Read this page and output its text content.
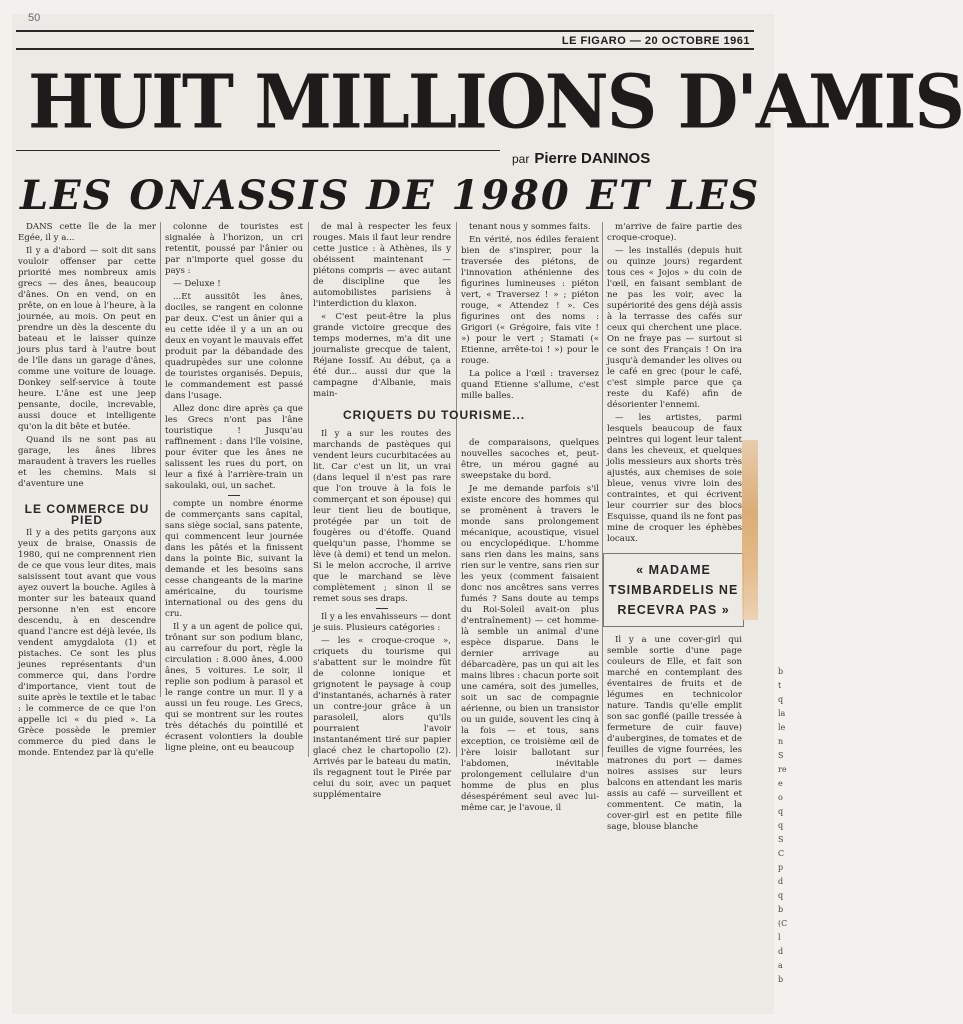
50
LE FIGARO — 20 OCTOBRE 1961
HUIT MILLIONS D'AMIS
par Pierre DANINOS
LES ONASSIS DE 1980 ET LES

DANS cette île de la mer Egée, il y a...

Il y a d'abord — soit dit sans vouloir offenser par cette priorité mes nombreux amis grecs — des ânes, beaucoup d'ânes. On en vend, on en prête, on en loue à l'heure, à la journée, au mois. On peut en prendre un dès la descente du bateau et le laisser quinze jours plus tard à l'autre bout de l'île dans un garage d'ânes, comme une voiture de louage. Donkey self-service à toute heure. L'âne est une jeep pensante, docile, increvable, aussi douce et intelligente qu'on la dit bête et butée.

Quand ils ne sont pas au garage, les ânes libres maraudent à travers les ruelles et les chemins. Mais si d'aventure une

LE COMMERCE DU PIED

Il y a des petits garçons aux yeux de braise, Onassis de 1980, qui ne comprennent rien de ce que vous leur dites, mais saisissent tout avant que vous ayez ouvert la bouche. Agiles à monter sur les bateaux quand personne n'en est encore descendu, à en descendre quand l'ancre est déjà levée, ils vendent amygdalota (1) et pistaches. Ce sont les plus jeunes représentants d'un commerce qui, dans l'ordre d'importance, vient tout de suite après le textile et le tabac : le commerce de ce que l'on appelle ici « du pied ». La Grèce possède le premier commerce du pied dans le monde. Entendez par là qu'elle

colonne de touristes est signalée à l'horizon, un cri retentit, poussé par l'ânier ou par n'importe quel gosse du pays :

— Deluxe !

...Et aussitôt les ânes, dociles, se rangent en colonne par deux. C'est un ânier qui a eu cette idée il y a un an ou deux en voyant le mauvais effet produit par la débandade des quadrupèdes sur une colonne de touristes organisés. Depuis, le commandement est passé dans l'usage.

Allez donc dire après ça que les Grecs n'ont pas l'âne touristique ! Jusqu'au raffinement : dans l'île voisine, pour éviter que les ânes ne salissent les rues du port, on leur a fixé à l'arrière-train un sakoulaki, oui, un sachet.

compte un nombre énorme de commerçants sans capital, sans siège social, sans patente, qui commencent leur journée dans les pâtés et la finissent dans la pointe Bic, suivant la demande et les besoins sans cesse changeants de la marine américaine, du tourisme international ou des gens du cru.

Il y a un agent de police qui, trônant sur son podium blanc, au carrefour du port, règle la circulation : 8.000 ânes, 4.000 ânes, 5 voitures. Le soir, il replie son podium à parasol et le range contre un mur. Il y a aussi un feu rouge. Les Grecs, qui se montrent sur les routes très détachés du pointillé et écrasent volontiers la double ligne pleine, ont eu beaucoup

de mal à respecter les feux rouges. Mais il faut leur rendre cette justice : à Athènes, ils y obéissent maintenant — piétons compris — avec autant de discipline que les automobilistes parisiens à l'interdiction du klaxon.

« C'est peut-être la plus grande victoire grecque des temps modernes, m'a dit une journaliste grecque de talent, Réjane Iossif. Au début, ça a été dur... aussi dur que la campagne d'Albanie, mais main-

CRIQUETS DU TOURISME...

Il y a sur les routes des marchands de pastèques qui vendent leurs cucurbitacées au lit. Car c'est un lit, un vrai (dans lequel il n'est pas rare que l'on trouve à la fois le commerçant et son épouse) qui leur tient lieu de boutique, protégée par un toit de fougères ou d'étoffe. Quand quelqu'un passe, l'homme se lève (à demi) et tend un melon. Si le melon accroche, il arrive que le marchand se lève complètement ; sinon il se remet sous ses draps.

Il y a les envahisseurs — dont je suis. Plusieurs catégories :

— les « croque-croque », criquets du tourisme qui s'abattent sur le moindre fût de colonne ionique et grignotent le paysage à coup d'instantanés, acharnés à rater un contre-jour grâce à un parasoleil, alors qu'ils pourraient l'avoir instantanément tiré sur papier glacé chez le chartopolio (2). Arrivés par le bateau du matin, ils regagnent tout le Pirée par celui du soir, avec un paquet supplémentaire

tenant nous y sommes faits.

En vérité, nos édiles feraient bien de s'inspirer, pour la traversée des piétons, de l'innovation athénienne des figurines lumineuses : piéton vert, « Traversez ! » ; piéton rouge, « Attendez ! ». Ces figurines ont des noms : Grigori (« Grégoire, fais vite ! ») pour le vert ; Stamati (« Etienne, arrête-toi ! ») pour le rouge.

La police a l'œil : traversez quand Etienne s'allume, c'est mille balles.

de comparaisons, quelques nouvelles sacoches et, peut-être, un mérou gagné au sweepstake du bord.

Je me demande parfois s'il existe encore des hommes qui se promènent à travers le monde sans prolongement mécanique, acoustique, visuel ou encyclopédique. L'homme sans rien dans les mains, sans rien sur le ventre, sans rien sur les yeux (comment faisaient donc nos ancêtres sans verres fumés ? Sans doute au temps du Roi-Soleil avait-on plus d'entraînement) — cet homme-là semble un animal d'une espèce disparue. Dans le dernier arrivage au débarcadère, pas un qui ait les mains libres : chacun porte soit une caméra, soit des jumelles, soit un sac de compagnie aérienne, ou bien un transistor ou un guide, souvent les cinq à la fois — et tous, sans exception, ce troisième œil de l'ère loisir ballotant sur l'abdomen, inévitable prolongement cellulaire d'un homme de plus en plus désespérément seul avec lui-même car, je l'avoue, il

m'arrive de faire partie des croque-croque).

— les installés (depuis huit ou quinze jours) regardent tous ces « Jojos » du coin de l'œil, en faisant semblant de ne pas les voir, avec la supériorité des gens déjà assis à la terrasse des cafés sur ceux qui cherchent une place. On ne fraye pas — surtout si ce sont des Français ! On ira jusqu'à demander les olives ou le café en grec (pour le café, c'est simple parce que ça reste du Kafé) afin de désorienter l'ennemi.

— les artistes, parmi lesquels beaucoup de faux peintres qui logent leur talent dans les cheveux, et quelques jolis messieurs aux shorts très ajustés, aux chemises de soie bleue, venus vivre loin des contraintes, et qui écrivent leur courrier sur des blocs Esquisse, quand ils ne font pas mine de croquer les éphèbes locaux.

« MADAME TSIMBARDELIS NE RECEVRA PAS »

Il y a une cover-girl qui semble sortie d'une page couleurs de Elle, et fait son marché en contemplant des éventaires de fruits et de légumes en technicolor nature. Tandis qu'elle emplit son sac gonflé (paille tressée à fermeture de cuir fauve) d'aubergines, de tomates et de feuilles de vigne fourrées, les matrones du port — dames noires assises sur leurs balcons en attendant les maris assis au café — surveillent et commentent. Ce matin, la cover-girl est en petite fille sage, blouse blanche

b
t
q
la
le
n
S
re
e
o
q
q
S
C
p
d
q
b
(C
l
d
a
b
